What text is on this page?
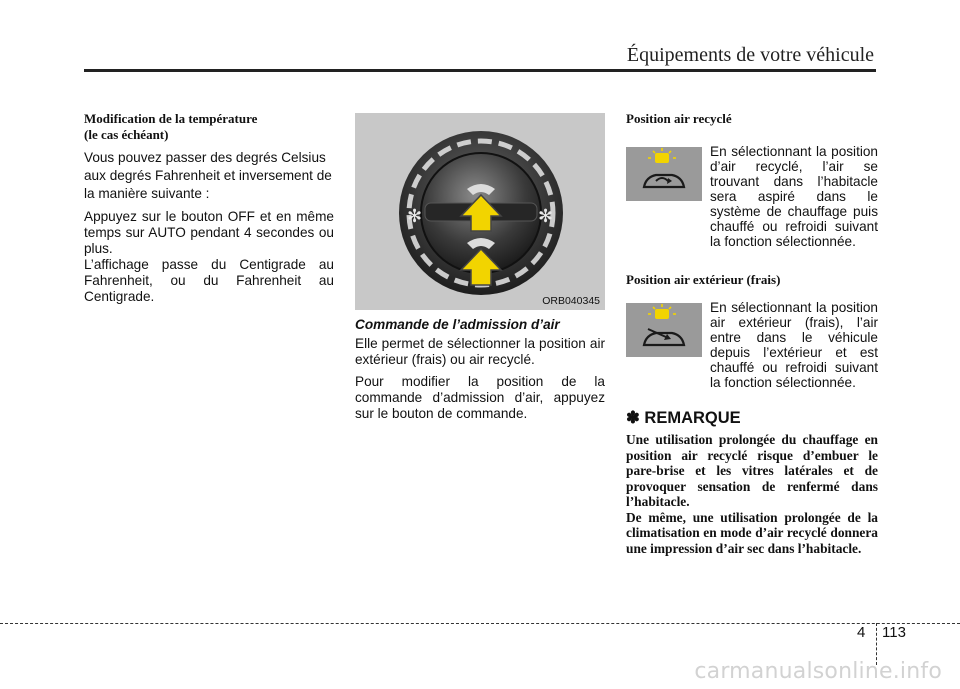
Équipements de votre véhicule
Modification de la température
(le cas échéant)
Vous pouvez passer des degrés Celsius aux degrés Fahrenheit et inversement de la manière suivante :
Appuyez sur le bouton OFF et en même temps sur AUTO pendant 4 secondes ou plus.
L’affichage passe du Centigrade au Fahrenheit, ou du Fahrenheit au Centigrade.
✻	✻
ORB040345
Commande de l’admission d’air
Elle permet de sélectionner la position air extérieur (frais) ou air recyclé.
Pour modifier la position de la commande d’admission d’air, appuyez sur le bouton de commande.
Position air recyclé
En sélectionnant la position d’air recyclé, l’air se trouvant dans l’habitacle sera aspiré dans le système de chauffage puis chauffé ou refroidi suivant la fonction sélectionnée.
Position air extérieur (frais)
En sélectionnant la position air extérieur (frais), l’air entre dans le véhicule depuis l’extérieur et est chauffé ou refroidi suivant la fonction sélectionnée.
✽ REMARQUE
Une utilisation prolongée du chauffage en position air recyclé risque d’embuer le pare-brise et les vitres latérales et de provoquer sensation de renfermé dans l’habitacle.
De même, une utilisation prolongée de la climatisation en mode d’air recyclé donnera une impression d’air sec dans l’habitacle.
4 113
carmanualsonline.info
